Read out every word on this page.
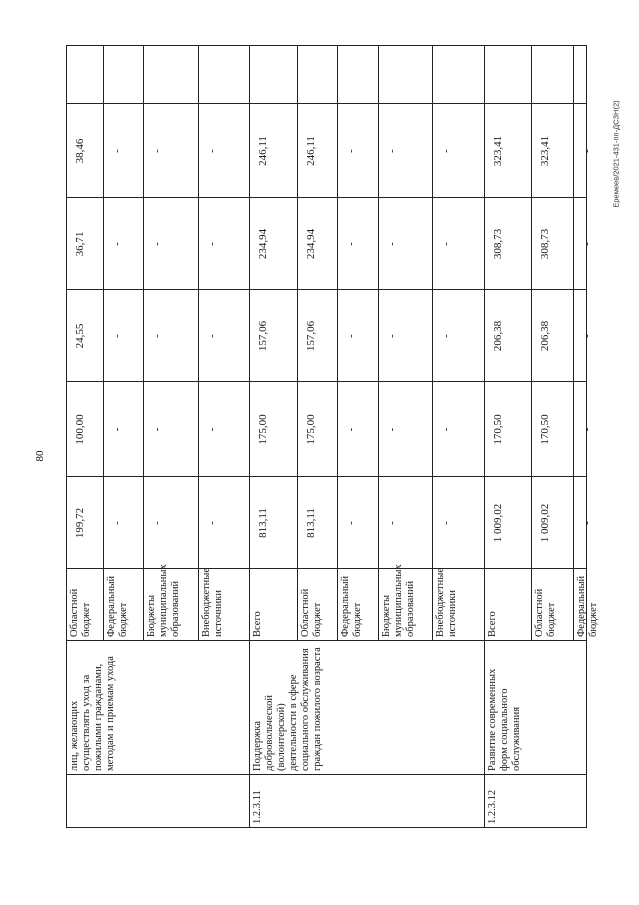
80
Еремеев/2021-431-пп-ДСЗН(2)
лиц, желающих осуществлять уход за пожилыми гражданами, методам и приемам ухода
Областной бюджет
199,72
100,00
24,55
36,71
38,46
Федеральный бюджет
-
-
-
-
-
Бюджеты муниципальных образований
-
-
-
-
-
Внебюджетные источники
-
-
-
-
-
1.2.3.11
Поддержка добровольческой (волонтерской) деятельности в сфере социального обслуживания граждан пожилого возраста
Всего
813,11
175,00
157,06
234,94
246,11
Областной бюджет
813,11
175,00
157,06
234,94
246,11
Федеральный бюджет
-
-
-
-
-
Бюджеты муниципальных образований
-
-
-
-
-
Внебюджетные источники
-
-
-
-
-
1.2.3.12
Развитие современных форм социального обслуживания
Всего
1 009,02
170,50
206,38
308,73
323,41
Областной бюджет
1 009,02
170,50
206,38
308,73
323,41
Федеральный бюджет
-
-
-
-
-
